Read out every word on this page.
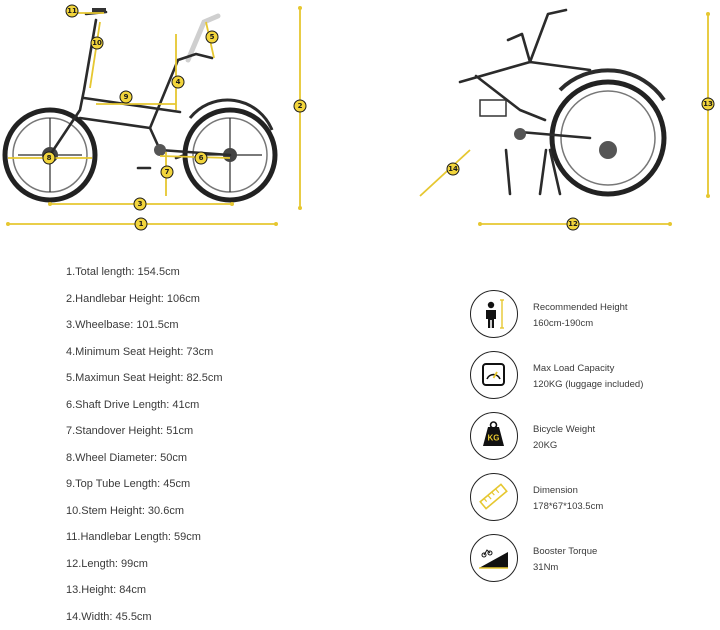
1
2
3
4
5
6
7
8
9
10
11
12
13
14
1.Total length: 154.5cm
2.Handlebar Height: 106cm
3.Wheelbase: 101.5cm
4.Minimum Seat Height: 73cm
5.Maximun Seat Height: 82.5cm
6.Shaft Drive Length: 41cm
7.Standover Height: 51cm
8.Wheel Diameter: 50cm
9.Top Tube Length: 45cm
10.Stem Height: 30.6cm
11.Handlebar Length: 59cm
12.Length: 99cm
13.Height: 84cm
14.Width: 45.5cm
Recommended Height
160cm-190cm
Max Load Capacity
120KG (luggage included)
KG
Bicycle Weight
20KG
Dimension
178*67*103.5cm
Booster Torque
31Nm
